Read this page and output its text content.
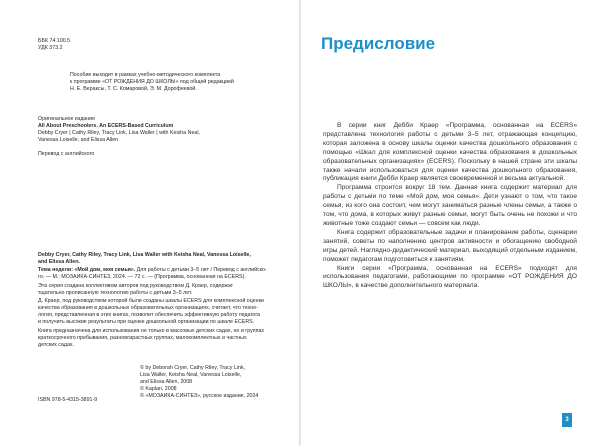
ББК 74.100.5

УДК 373.2

Пособие выходит в рамках учебно-методического комплекта
к программе «ОТ РОЖДЕНИЯ ДО ШКОЛЫ» под общей редакцией
Н. Е. Вераксы, Т. С. Комаровой, Э. М. Дорофеевой.

Оригинальное издание

All About Preschoolers. An ECERS-Based Curriculum

Debby Cryer | Cathy Riley, Tracy Link, Lisa Waller | with Keisha Neal,
Vanessa Loiselle, and Elissa Allen

Перевод с английского

Debby Cryer, Cathy Riley, Tracy Link, Lisa Waller with Keisha Neal, Vanessa Loiselle,
and Elissa Allen.

Тема недели: «Мой дом, моя семья». Для работы с детьми 3–5 лет / Перевод с английско-
го. — М.: МОЗАИКА-СИНТЕЗ, 2024. — 72 с. — (Программа, основанная на ECERS).

Эта серия создана коллективом авторов под руководством Д. Краер, содержат
тщательно прописанную технологию работы с детьми 3–5 лет.

Д. Краер, под руководством которой были созданы шкалы ECERS для комплексной оценки
качества образования в дошкольных образовательных организациях, считает, что техно-
логия, представленная в этих книгах, позволит обеспечить эффективную работу педагога
и получить высокие результаты при оценке дошкольной организации по шкале ECERS.

Книга предназначена для использования не только в массовых детских садах, но и группах
краткосрочного пребывания, разновозрастных группах, малокомплектных и частных
детских садах.

ISBN 978-5-4315-3891-9

© by Deborah Cryer, Cathy Riley, Tracy Link,
Lisa Waller, Keisha Neal, Vanessa Loiselle,
and Elissa Allen, 2008
© Kaplan, 2008
© «МОЗАИКА-СИНТЕЗ», русское издание, 2024

Предисловие

В серии книг Дебби Краер «Программа, основанная на ECERS» представлена технология работы с детьми 3–5 лет, отражающая концепцию, которая заложена в основу шкалы оценки качества дошкольного образования с помощью «Шкал для комплексной оценки качества образования в дошкольных образовательных организациях» (ECERS). Поскольку в нашей стране эти шкалы также начали использоваться для оценки качества дошкольного образования, публикация книги Дебби Краер является своевременной и весьма актуальной.

Программа строится вокруг 18 тем. Данная книга содержит материал для работы с детьми по теме «Мой дом, моя семья». Дети узнают о том, что такое семья, из кого она состоит, чем могут заниматься разные члены семьи, а также о том, что дома, в которых живут разные семьи, могут быть очень не похожи и что животные тоже создают семьи — совсем как люди.

Книга содержит образовательные задачи и планирование работы, сценарии занятий, советы по наполнению центров активности и обогащению свободной игры детей. Наглядно-дидактический материал, выходящий отдельным изданием, поможет педагогам подготовиться к занятиям.

Книги серии «Программа, основанная на ECERS» подходят для использования педагогами, работающими по программе «ОТ РОЖДЕНИЯ ДО ШКОЛЫ», в качестве дополнительного материала.

3
